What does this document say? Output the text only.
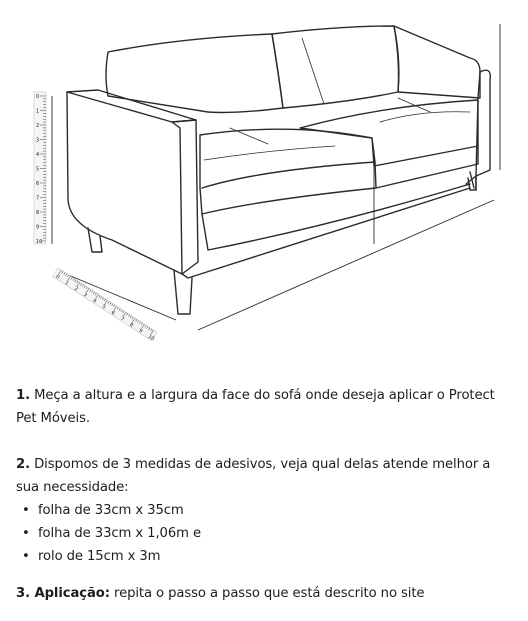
0
1
2
3
4
5
6
7
8
9
10
0
1
2
3
4
5
6
7
8
9
10
1. Meça a altura e a largura da face do sofá onde deseja aplicar o Protect Pet Móveis.
2. Dispomos de 3 medidas de adesivos, veja qual delas atende melhor a sua necessidade:
• folha de 33cm x 35cm
• folha de 33cm x 1,06m e
• rolo de 15cm x 3m
3. Aplicação: repita o passo a passo que está descrito no site
